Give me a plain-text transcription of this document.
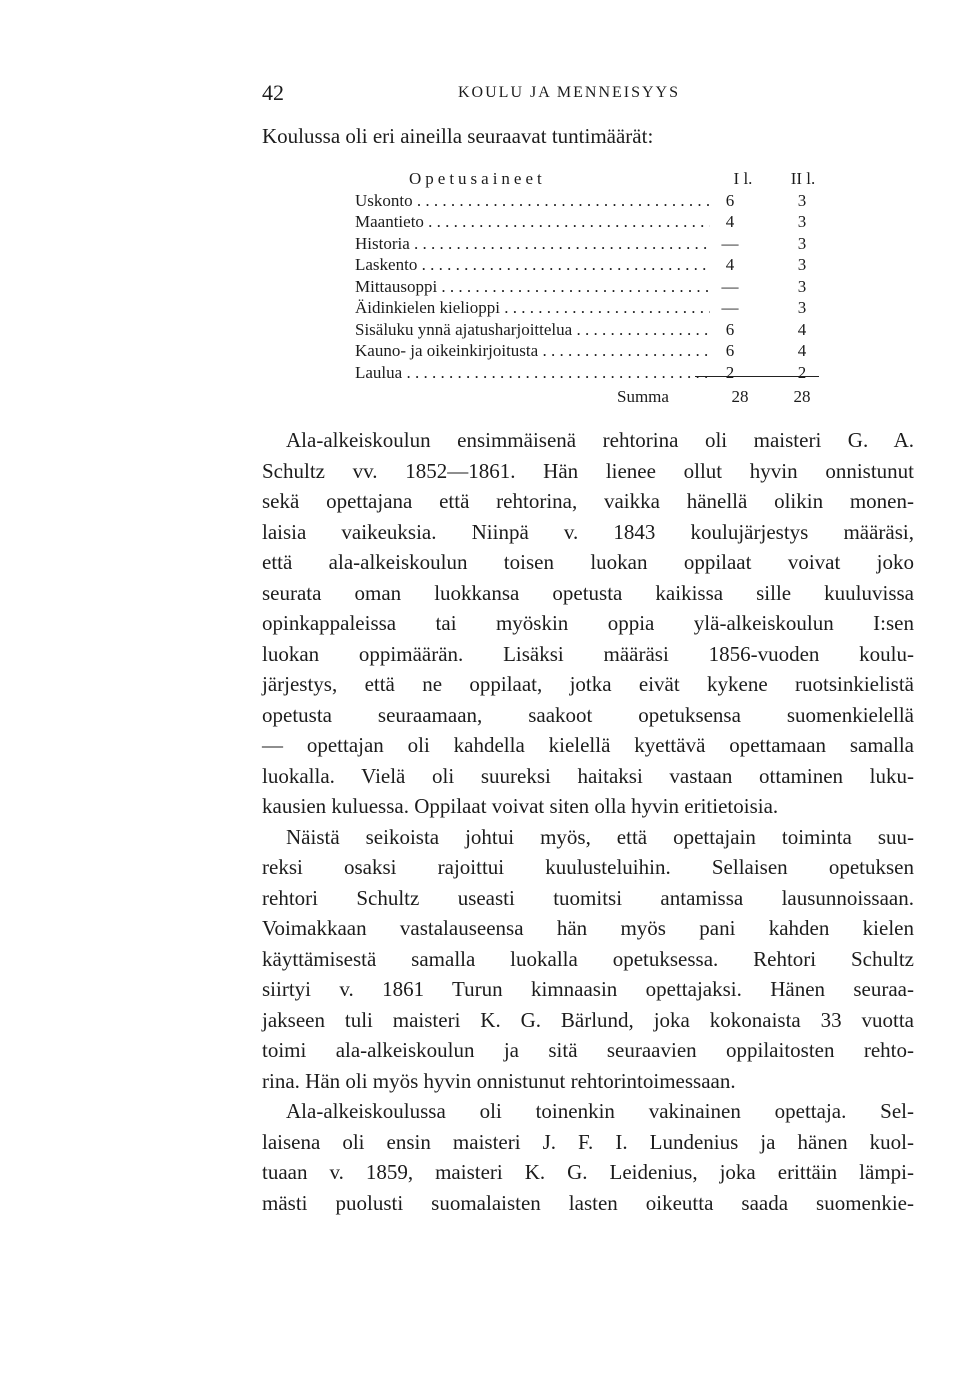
42	KOULU JA MENNEISYYS
Koulussa oli eri aineilla seuraavat tuntimäärät:
Opetusaineet	I l.	II l.
Uskonto . . .	6	3
Maantieto . . .	4	3
Historia . . .	—	3
Laskento . . .	4	3
Mittausoppi . . .	—	3
Äidinkielen kielioppi . . .	—	3
Sisäluku ynnä ajatusharjoittelua . . .	6	4
Kauno- ja oikeinkirjoitusta . . .	6	4
Laulua . . .	2	2
Summa	28	28
Ala-alkeiskoulun ensimmäisenä rehtorina oli maisteri G. A.
Schultz vv. 1852—1861. Hän lienee ollut hyvin onnistunut
sekä opettajana että rehtorina, vaikka hänellä olikin monen-
laisia vaikeuksia. Niinpä v. 1843 koulujärjestys määräsi,
että ala-alkeiskoulun toisen luokan oppilaat voivat joko
seurata oman luokkansa opetusta kaikissa sille kuuluvissa
opinkappaleissa tai myöskin oppia ylä-alkeiskoulun I:sen
luokan oppimäärän. Lisäksi määräsi 1856-vuoden koulu-
järjestys, että ne oppilaat, jotka eivät kykene ruotsinkielistä
opetusta seuraamaan, saakoot opetuksensa suomenkielellä
— opettajan oli kahdella kielellä kyettävä opettamaan samalla
luokalla. Vielä oli suureksi haitaksi vastaan ottaminen luku-
kausien kuluessa. Oppilaat voivat siten olla hyvin eritietoisia.
Näistä seikoista johtui myös, että opettajain toiminta suu-
reksi osaksi rajoittui kuulusteluihin. Sellaisen opetuksen
rehtori Schultz useasti tuomitsi antamissa lausunnoissaan.
Voimakkaan vastalauseensa hän myös pani kahden kielen
käyttämisestä samalla luokalla opetuksessa. Rehtori Schultz
siirtyi v. 1861 Turun kimnaasin opettajaksi. Hänen seuraa-
jakseen tuli maisteri K. G. Bärlund, joka kokonaista 33 vuotta
toimi ala-alkeiskoulun ja sitä seuraavien oppilaitosten rehto-
rina. Hän oli myös hyvin onnistunut rehtorintoimessaan.
Ala-alkeiskoulussa oli toinenkin vakinainen opettaja. Sel-
laisena oli ensin maisteri J. F. I. Lundenius ja hänen kuol-
tuaan v. 1859, maisteri K. G. Leidenius, joka erittäin lämpi-
mästi puolusti suomalaisten lasten oikeutta saada suomenkie-
